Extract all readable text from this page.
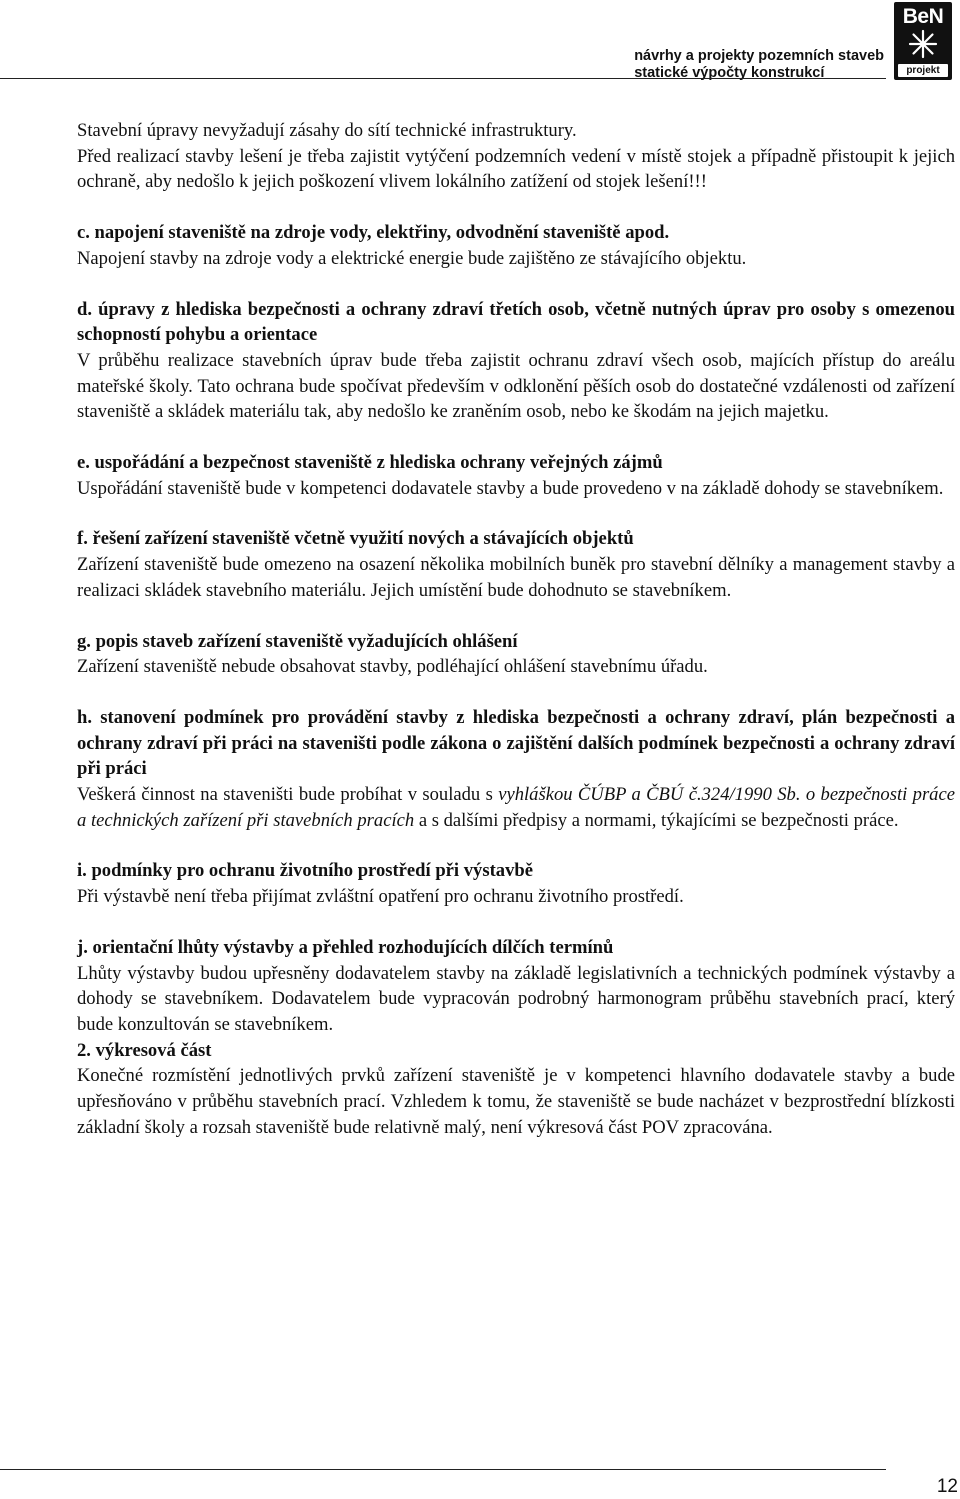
návrhy a projekty pozemních staveb
statické výpočty konstrukcí
BeN
projekt

Stavební úpravy nevyžadují zásahy do sítí technické infrastruktury.

Před realizací stavby lešení je třeba zajistit vytýčení podzemních vedení v místě stojek a případně přistoupit k jejich ochraně, aby nedošlo k jejich poškození vlivem lokálního zatížení od stojek lešení!!!

c. napojení staveniště na zdroje vody, elektřiny, odvodnění staveniště apod.

Napojení stavby na zdroje vody a elektrické energie bude zajištěno ze stávajícího objektu.

d. úpravy z hlediska bezpečnosti a ochrany zdraví třetích osob, včetně nutných úprav pro osoby s omezenou schopností pohybu a orientace

V průběhu realizace stavebních úprav bude třeba zajistit ochranu zdraví všech osob, majících přístup do areálu mateřské školy. Tato ochrana bude spočívat především v odklonění pěších osob do dostatečné vzdálenosti od zařízení staveniště a skládek materiálu tak, aby nedošlo ke zraněním osob, nebo ke škodám na jejich majetku.

e. uspořádání a bezpečnost staveniště z hlediska ochrany veřejných zájmů

Uspořádání staveniště bude v kompetenci dodavatele stavby a bude provedeno v na základě dohody se stavebníkem.

f. řešení zařízení staveniště včetně využití nových a stávajících objektů

Zařízení staveniště bude omezeno na osazení několika mobilních buněk pro stavební dělníky a management stavby a realizaci skládek stavebního materiálu. Jejich umístění bude dohodnuto se stavebníkem.

g. popis staveb zařízení staveniště vyžadujících ohlášení

Zařízení staveniště nebude obsahovat stavby, podléhající ohlášení stavebnímu úřadu.

h. stanovení podmínek pro provádění stavby z hlediska bezpečnosti a ochrany zdraví, plán bezpečnosti a ochrany zdraví při práci na staveništi podle zákona o zajištění dalších podmínek bezpečnosti a ochrany zdraví při práci

Veškerá činnost na staveništi bude probíhat v souladu s vyhláškou ČÚBP a ČBÚ č.324/1990 Sb. o bezpečnosti práce a technických zařízení při stavebních pracích a s dalšími předpisy a normami, týkajícími se bezpečnosti práce.

i. podmínky pro ochranu životního prostředí při výstavbě

Při výstavbě není třeba přijímat zvláštní opatření pro ochranu životního prostředí.

j. orientační lhůty výstavby a přehled rozhodujících dílčích termínů

Lhůty výstavby budou upřesněny dodavatelem stavby na základě legislativních a technických podmínek výstavby a dohody se stavebníkem. Dodavatelem bude vypracován podrobný harmonogram průběhu stavebních prací, který bude konzultován se stavebníkem.

2. výkresová část

Konečné rozmístění jednotlivých prvků zařízení staveniště je v kompetenci hlavního dodavatele stavby a bude upřesňováno v průběhu stavebních prací. Vzhledem k tomu, že staveniště se bude nacházet v bezprostřední blízkosti základní školy a rozsah staveniště bude relativně malý, není výkresová část POV zpracována.

12
